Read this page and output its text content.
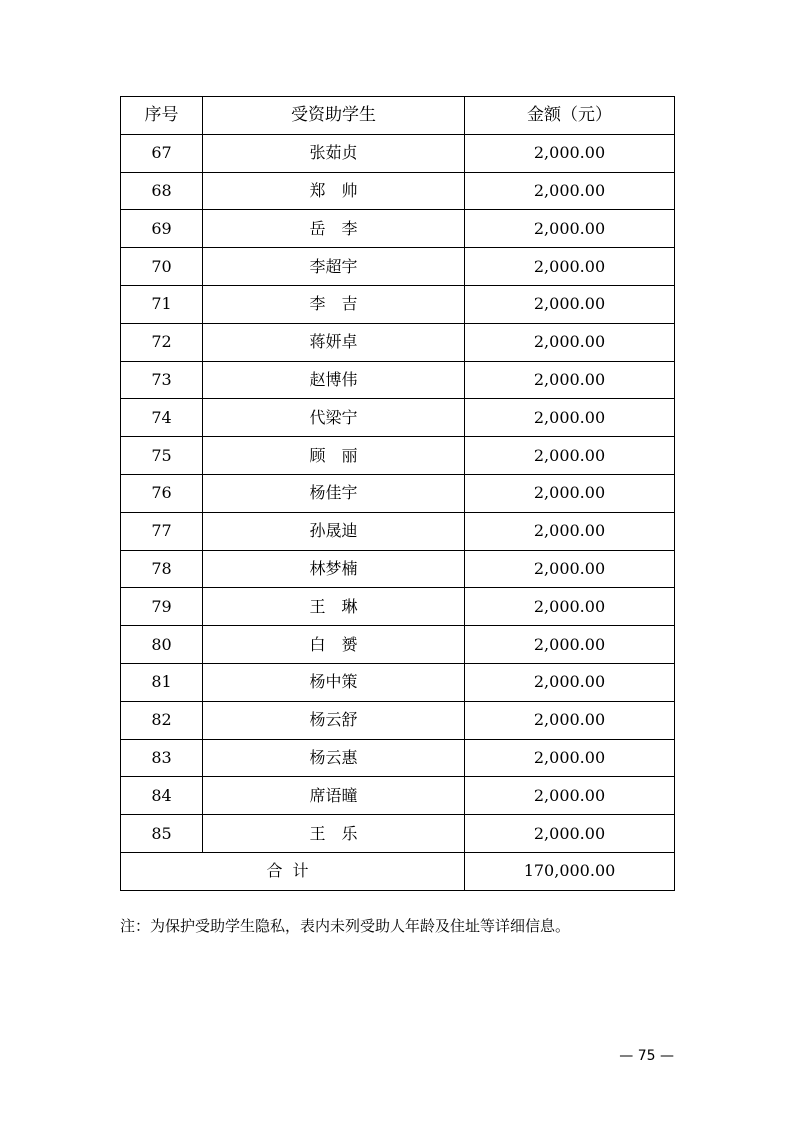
序号	受资助学生	金额（元）
67	张茹贞	2,000.00
68	郑　帅	2,000.00
69	岳　李	2,000.00
70	李超宇	2,000.00
71	李　吉	2,000.00
72	蒋妍卓	2,000.00
73	赵博伟	2,000.00
74	代梁宁	2,000.00
75	顾　丽	2,000.00
76	杨佳宇	2,000.00
77	孙晟迪	2,000.00
78	林梦楠	2,000.00
79	王　琳	2,000.00
80	白　赟	2,000.00
81	杨中策	2,000.00
82	杨云舒	2,000.00
83	杨云惠	2,000.00
84	席语曈	2,000.00
85	王　乐	2,000.00
合计		170,000.00
注：为保护受助学生隐私，表内未列受助人年龄及住址等详细信息。
— 75 —
